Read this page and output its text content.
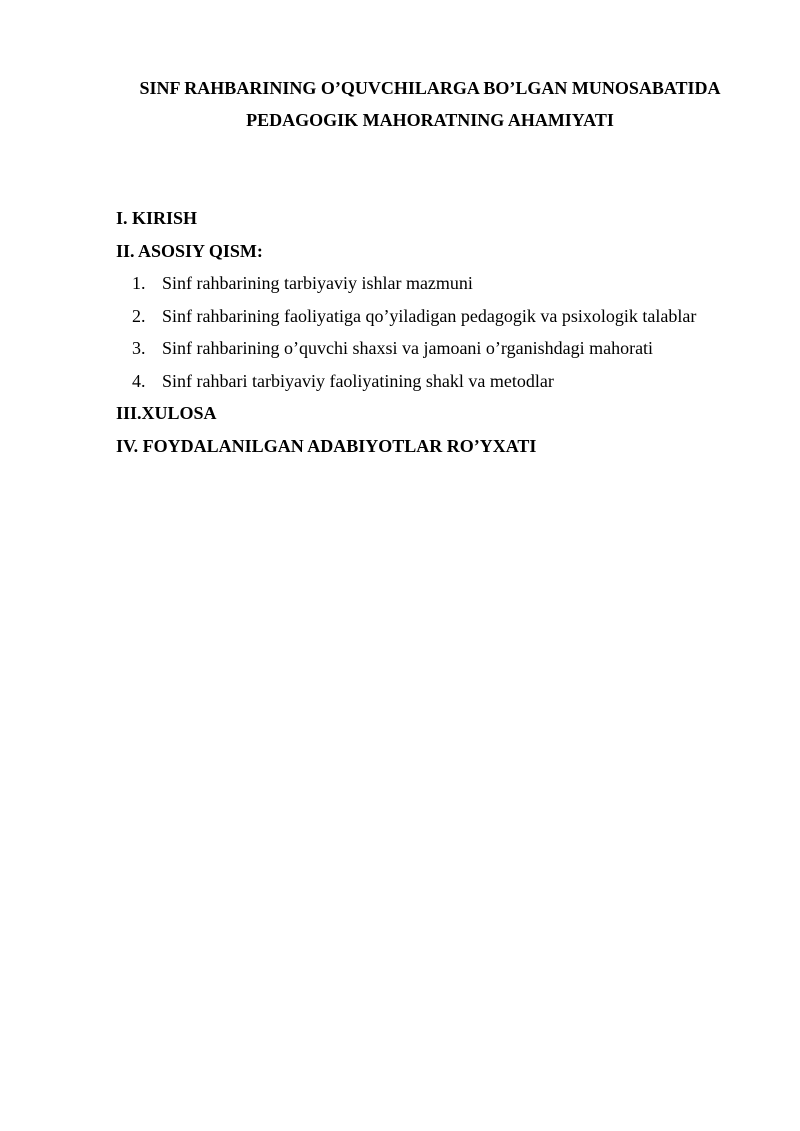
SINF RAHBARINING O’QUVCHILARGA BO’LGAN MUNOSABATIDA
PEDAGOGIK MAHORATNING AHAMIYATI
I. KIRISH
II. ASOSIY QISM:
1. Sinf rahbarining tarbiyaviy ishlar mazmuni
2. Sinf rahbarining faoliyatiga qo’yiladigan pedagogik va psixologik talablar
3. Sinf rahbarining o’quvchi shaxsi va jamoani o’rganishdagi mahorati
4. Sinf rahbari tarbiyaviy faoliyatining shakl va metodlar
III.XULOSA
IV. FOYDALANILGAN ADABIYOTLAR RO’YXATI
